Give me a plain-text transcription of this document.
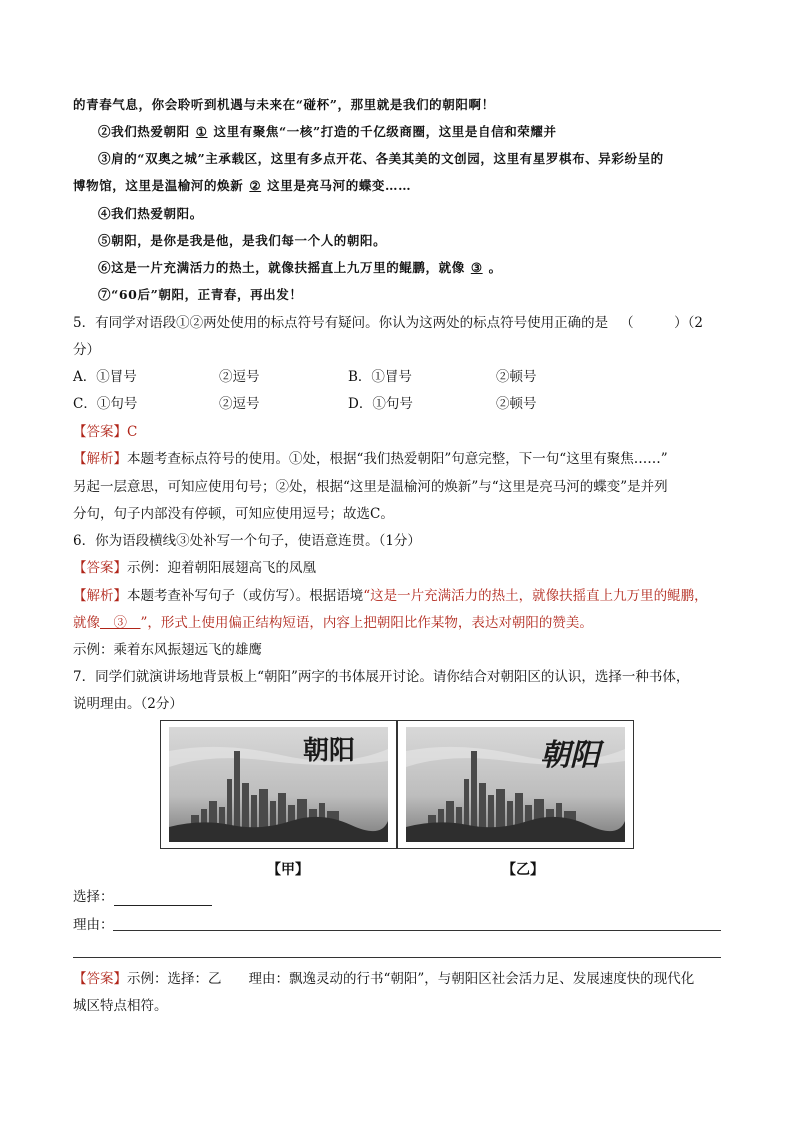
的青春气息，你会聆听到机遇与未来在“碰杯”，那里就是我们的朝阳啊！
②我们热爱朝阳 ① 这里有聚焦“一核”打造的千亿级商圈，这里是自信和荣耀并
③肩的“双奥之城”主承载区，这里有多点开花、各美其美的文创园，这里有星罗棋布、异彩纷呈的
博物馆，这里是温榆河的焕新 ② 这里是亮马河的蝶变……
④我们热爱朝阳。
⑤朝阳，是你是我是他，是我们每一个人的朝阳。
⑥这是一片充满活力的热土，就像扶摇直上九万里的鲲鹏，就像 ③ 。
⑦“60后”朝阳，正青春，再出发！
5．有同学对语段①②两处使用的标点符号有疑问。你认为这两处的标点符号使用正确的是 （　　　）（2
分）
A．①冒号	②逗号	B．①冒号	②顿号
C．①句号	②逗号	D．①句号	②顿号
【答案】C
【解析】本题考查标点符号的使用。①处，根据“我们热爱朝阳”句意完整，下一句“这里有聚焦……”
另起一层意思，可知应使用句号；②处，根据“这里是温榆河的焕新”与“这里是亮马河的蝶变”是并列
分句，句子内部没有停顿，可知应使用逗号；故选C。
6．你为语段横线③处补写一个句子，使语意连贯。（1分）
【答案】示例：迎着朝阳展翅高飞的凤凰
【解析】本题考查补写句子（或仿写）。根据语境“这是一片充满活力的热土，就像扶摇直上九万里的鲲鹏，
就像　③　”，形式上使用偏正结构短语，内容上把朝阳比作某物，表达对朝阳的赞美。
示例：乘着东风振翅远飞的雄鹰
7．同学们就演讲场地背景板上“朝阳”两字的书体展开讨论。请你结合对朝阳区的认识，选择一种书体，
说明理由。（2分）
朝阳	朝阳
【甲】	【乙】
选择：
理由：
【答案】示例：选择：乙　　理由：飘逸灵动的行书“朝阳”，与朝阳区社会活力足、发展速度快的现代化
城区特点相符。
